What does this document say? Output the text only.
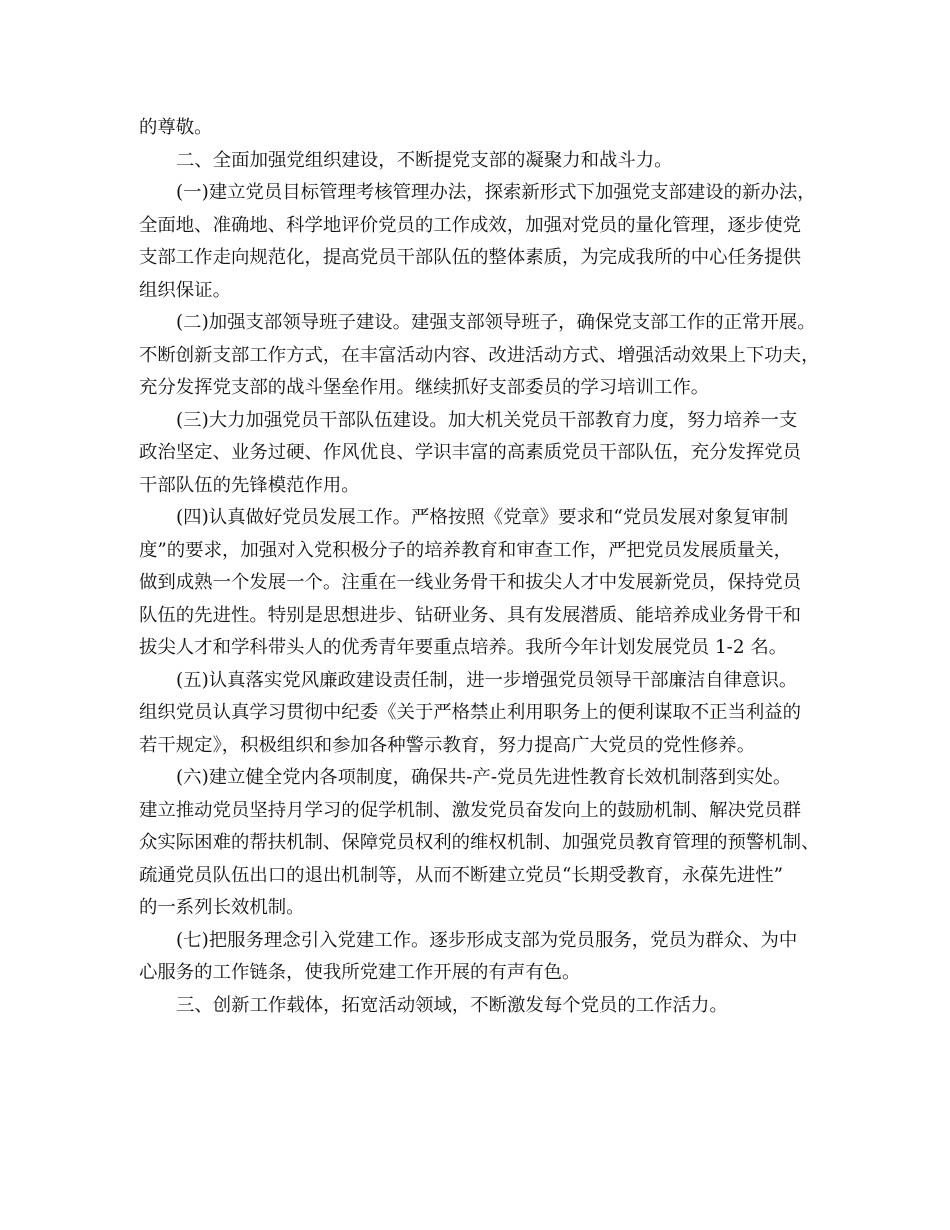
的尊敬。
二、全面加强党组织建设，不断提党支部的凝聚力和战斗力。
(一)建立党员目标管理考核管理办法，探索新形式下加强党支部建设的新办法，
全面地、准确地、科学地评价党员的工作成效，加强对党员的量化管理，逐步使党
支部工作走向规范化，提高党员干部队伍的整体素质，为完成我所的中心任务提供
组织保证。
(二)加强支部领导班子建设。建强支部领导班子，确保党支部工作的正常开展。
不断创新支部工作方式，在丰富活动内容、改进活动方式、增强活动效果上下功夫，
充分发挥党支部的战斗堡垒作用。继续抓好支部委员的学习培训工作。
(三)大力加强党员干部队伍建设。加大机关党员干部教育力度，努力培养一支
政治坚定、业务过硬、作风优良、学识丰富的高素质党员干部队伍，充分发挥党员
干部队伍的先锋模范作用。
(四)认真做好党员发展工作。严格按照《党章》要求和“党员发展对象复审制
度”的要求，加强对入党积极分子的培养教育和审查工作，严把党员发展质量关，
做到成熟一个发展一个。注重在一线业务骨干和拔尖人才中发展新党员，保持党员
队伍的先进性。特别是思想进步、钻研业务、具有发展潜质、能培养成业务骨干和
拔尖人才和学科带头人的优秀青年要重点培养。我所今年计划发展党员 1-2 名。
(五)认真落实党风廉政建设责任制，进一步增强党员领导干部廉洁自律意识。
组织党员认真学习贯彻中纪委《关于严格禁止利用职务上的便利谋取不正当利益的
若干规定》，积极组织和参加各种警示教育，努力提高广大党员的党性修养。
(六)建立健全党内各项制度，确保共-产-党员先进性教育长效机制落到实处。
建立推动党员坚持月学习的促学机制、激发党员奋发向上的鼓励机制、解决党员群
众实际困难的帮扶机制、保障党员权利的维权机制、加强党员教育管理的预警机制、
疏通党员队伍出口的退出机制等，从而不断建立党员“长期受教育，永葆先进性”
的一系列长效机制。
(七)把服务理念引入党建工作。逐步形成支部为党员服务，党员为群众、为中
心服务的工作链条，使我所党建工作开展的有声有色。
三、创新工作载体，拓宽活动领域，不断激发每个党员的工作活力。
